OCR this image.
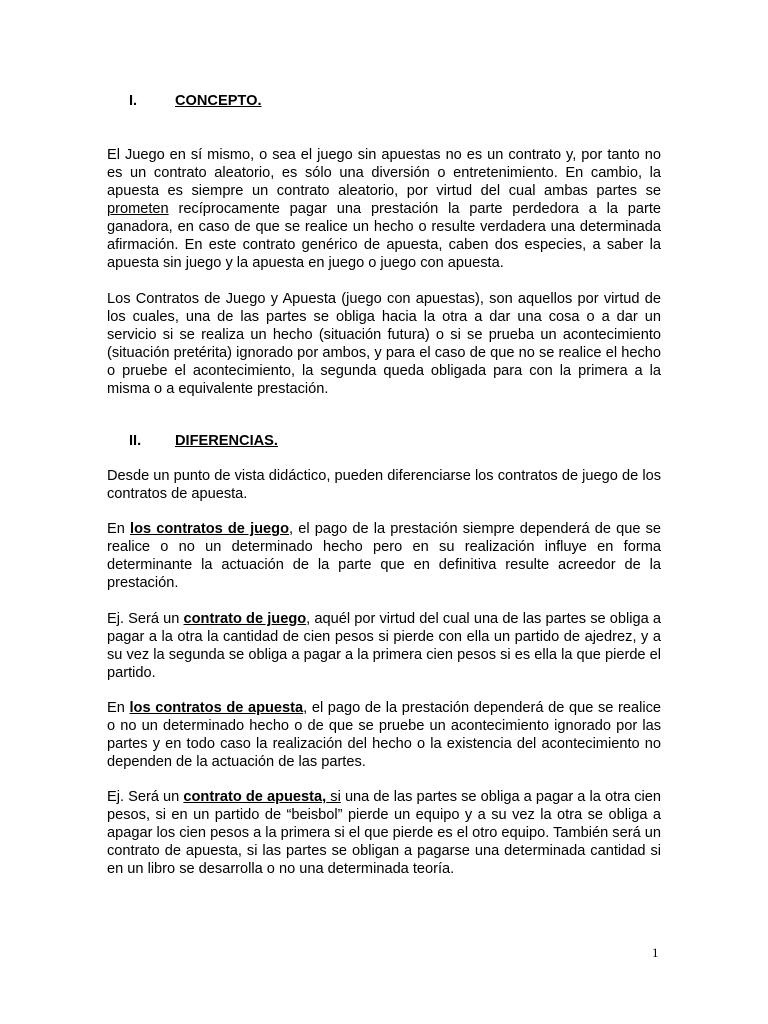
I.	CONCEPTO.
El Juego en sí mismo, o sea el juego sin apuestas no es un contrato y, por tanto no es un contrato aleatorio, es sólo una diversión o entretenimiento. En cambio, la apuesta es siempre un contrato aleatorio, por virtud del cual ambas partes se prometen recíprocamente pagar una prestación la parte perdedora a la parte ganadora, en caso de que se realice un hecho o resulte verdadera una determinada afirmación. En este contrato genérico de apuesta, caben dos especies, a saber la apuesta sin juego y la apuesta en juego o juego con apuesta.
Los Contratos de Juego y Apuesta (juego con apuestas), son aquellos por virtud de los cuales, una de las partes se obliga hacia la otra a dar una cosa o a dar un servicio si se realiza un hecho (situación futura) o si se prueba un acontecimiento (situación pretérita) ignorado por ambos, y para el caso de que no se realice el hecho o pruebe el acontecimiento, la segunda queda obligada para con la primera a la misma o a equivalente prestación.
II. DIFERENCIAS.
Desde un punto de vista didáctico, pueden diferenciarse los contratos de juego de los contratos de apuesta.
En los contratos de juego, el pago de la prestación siempre dependerá de que se realice o no un determinado hecho pero en su realización influye en forma determinante la actuación de la parte que en definitiva resulte acreedor de la prestación.
Ej. Será un contrato de juego, aquél por virtud del cual una de las partes se obliga a pagar a la otra la cantidad de cien pesos si pierde con ella un partido de ajedrez, y a su vez la segunda se obliga a pagar a la primera cien pesos si es ella la que pierde el partido.
En los contratos de apuesta, el pago de la prestación dependerá de que se realice o no un determinado hecho o de que se pruebe un acontecimiento ignorado por las partes y en todo caso la realización del hecho o la existencia del acontecimiento no dependen de la actuación de las partes.
Ej. Será un contrato de apuesta, si una de las partes se obliga a pagar a la otra cien pesos, si en un partido de “beisbol” pierde un equipo y a su vez la otra se obliga a apagar los cien pesos a la primera si el que pierde es el otro equipo. También será un contrato de apuesta, si las partes se obligan a pagarse una determinada cantidad si en un libro se desarrolla o no una determinada teoría.
1
